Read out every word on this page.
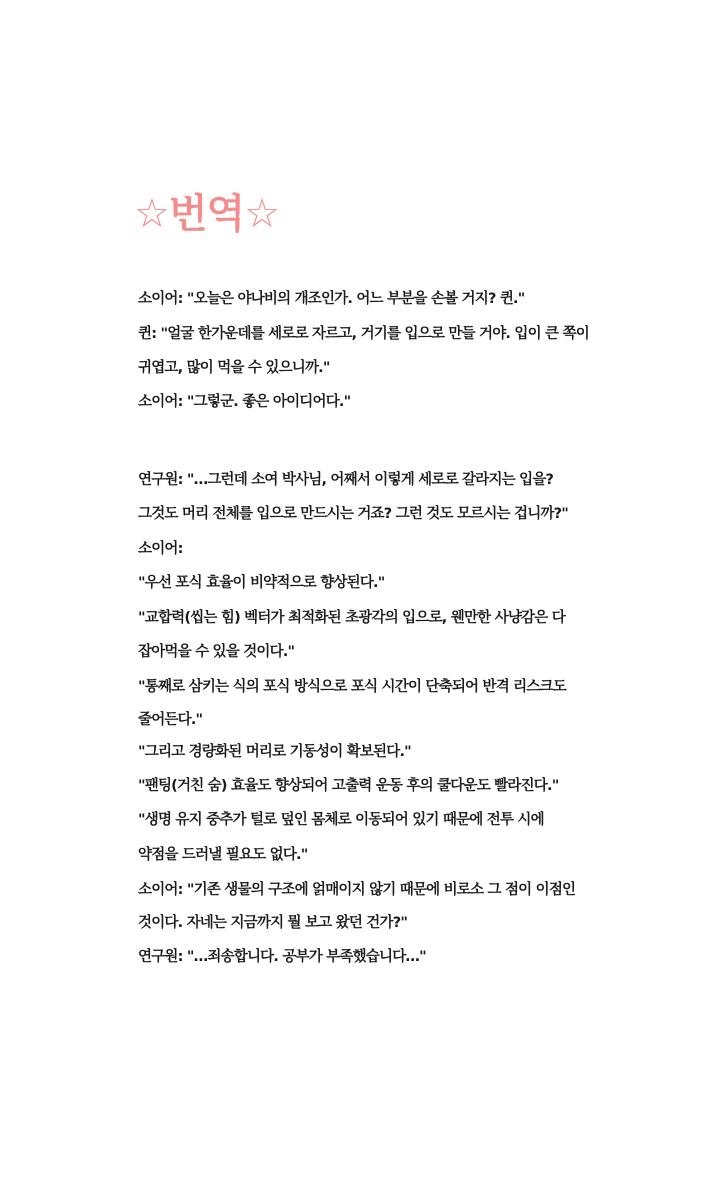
☆번역☆
소이어: "오늘은 야나비의 개조인가. 어느 부분을 손볼 거지? 퀸."
퀸: "얼굴 한가운데를 세로로 자르고, 거기를 입으로 만들 거야. 입이 큰 쪽이
귀엽고, 많이 먹을 수 있으니까."
소이어: "그렇군. 좋은 아이디어다."
연구원: "…그런데 소여 박사님, 어째서 이렇게 세로로 갈라지는 입을?
그것도 머리 전체를 입으로 만드시는 거죠? 그런 것도 모르시는 겁니까?"
소이어:
"우선 포식 효율이 비약적으로 향상된다."
"교합력(씹는 힘) 벡터가 최적화된 초광각의 입으로, 웬만한 사냥감은 다
잡아먹을 수 있을 것이다."
"통째로 삼키는 식의 포식 방식으로 포식 시간이 단축되어 반격 리스크도
줄어든다."
"그리고 경량화된 머리로 기동성이 확보된다."
"팬팅(거친 숨) 효율도 향상되어 고출력 운동 후의 쿨다운도 빨라진다."
"생명 유지 중추가 털로 덮인 몸체로 이동되어 있기 때문에 전투 시에
약점을 드러낼 필요도 없다."
소이어: "기존 생물의 구조에 얽매이지 않기 때문에 비로소 그 점이 이점인
것이다. 자네는 지금까지 뭘 보고 왔던 건가?"
연구원: "…죄송합니다. 공부가 부족했습니다…"
